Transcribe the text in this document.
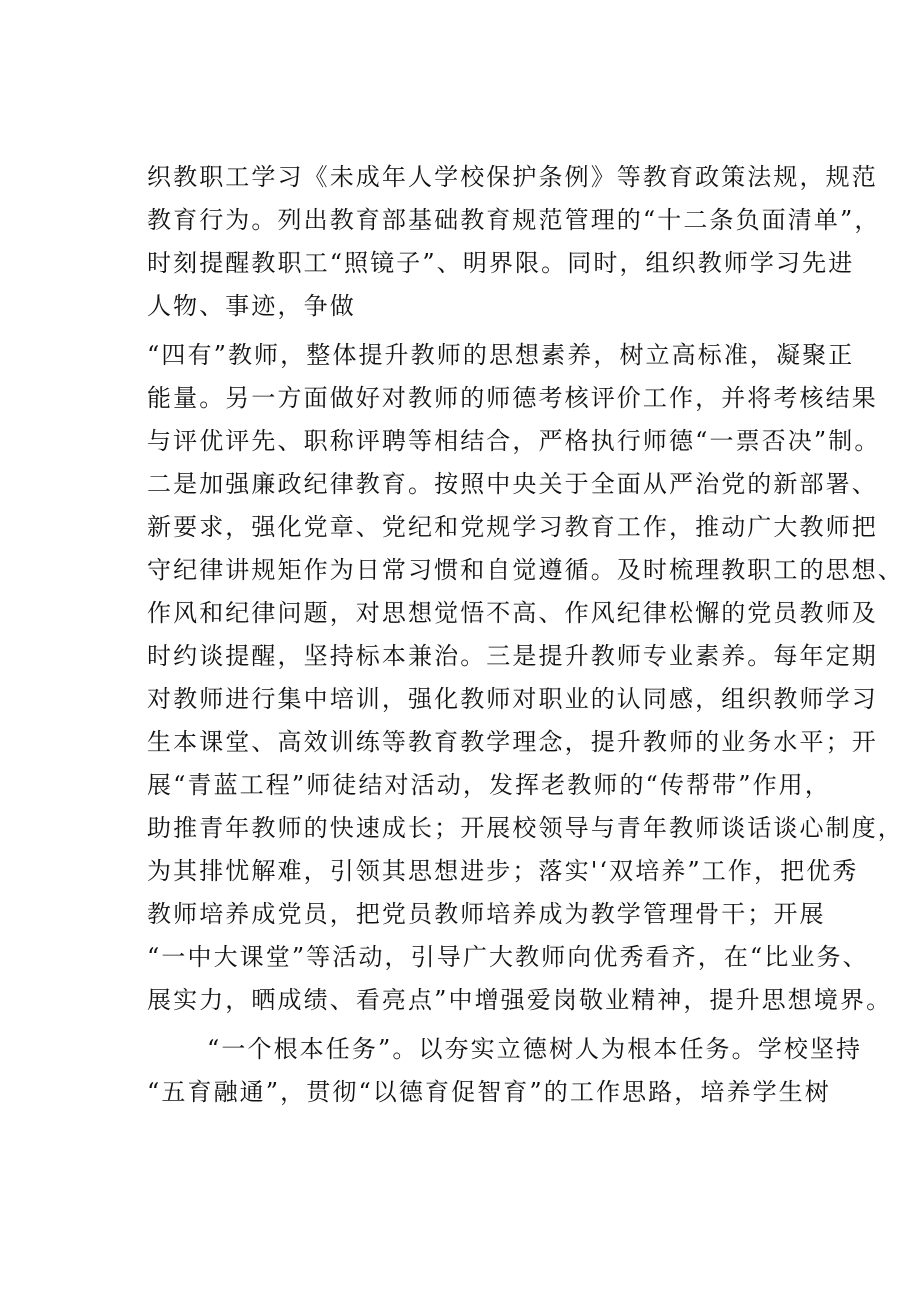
织教职工学习《未成年人学校保护条例》等教育政策法规，规范
教育行为。列出教育部基础教育规范管理的“十二条负面清单”，
时刻提醒教职工“照镜子”、明界限。同时，组织教师学习先进
人物、事迹，争做
“四有”教师，整体提升教师的思想素养，树立高标准，凝聚正
能量。另一方面做好对教师的师德考核评价工作，并将考核结果
与评优评先、职称评聘等相结合，严格执行师德“一票否决”制。
二是加强廉政纪律教育。按照中央关于全面从严治党的新部署、
新要求，强化党章、党纪和党规学习教育工作，推动广大教师把
守纪律讲规矩作为日常习惯和自觉遵循。及时梳理教职工的思想、
作风和纪律问题，对思想觉悟不高、作风纪律松懈的党员教师及
时约谈提醒，坚持标本兼治。三是提升教师专业素养。每年定期
对教师进行集中培训，强化教师对职业的认同感，组织教师学习
生本课堂、高效训练等教育教学理念，提升教师的业务水平；开
展“青蓝工程”师徒结对活动，发挥老教师的“传帮带”作用，
助推青年教师的快速成长；开展校领导与青年教师谈话谈心制度，
为其排忧解难，引领其思想进步；落实'‘双培养”工作，把优秀
教师培养成党员，把党员教师培养成为教学管理骨干；开展
“一中大课堂”等活动，引导广大教师向优秀看齐，在“比业务、
展实力，晒成绩、看亮点”中增强爱岗敬业精神，提升思想境界。
“一个根本任务”。以夯实立德树人为根本任务。学校坚持
“五育融通”，贯彻“以德育促智育”的工作思路，培养学生树
